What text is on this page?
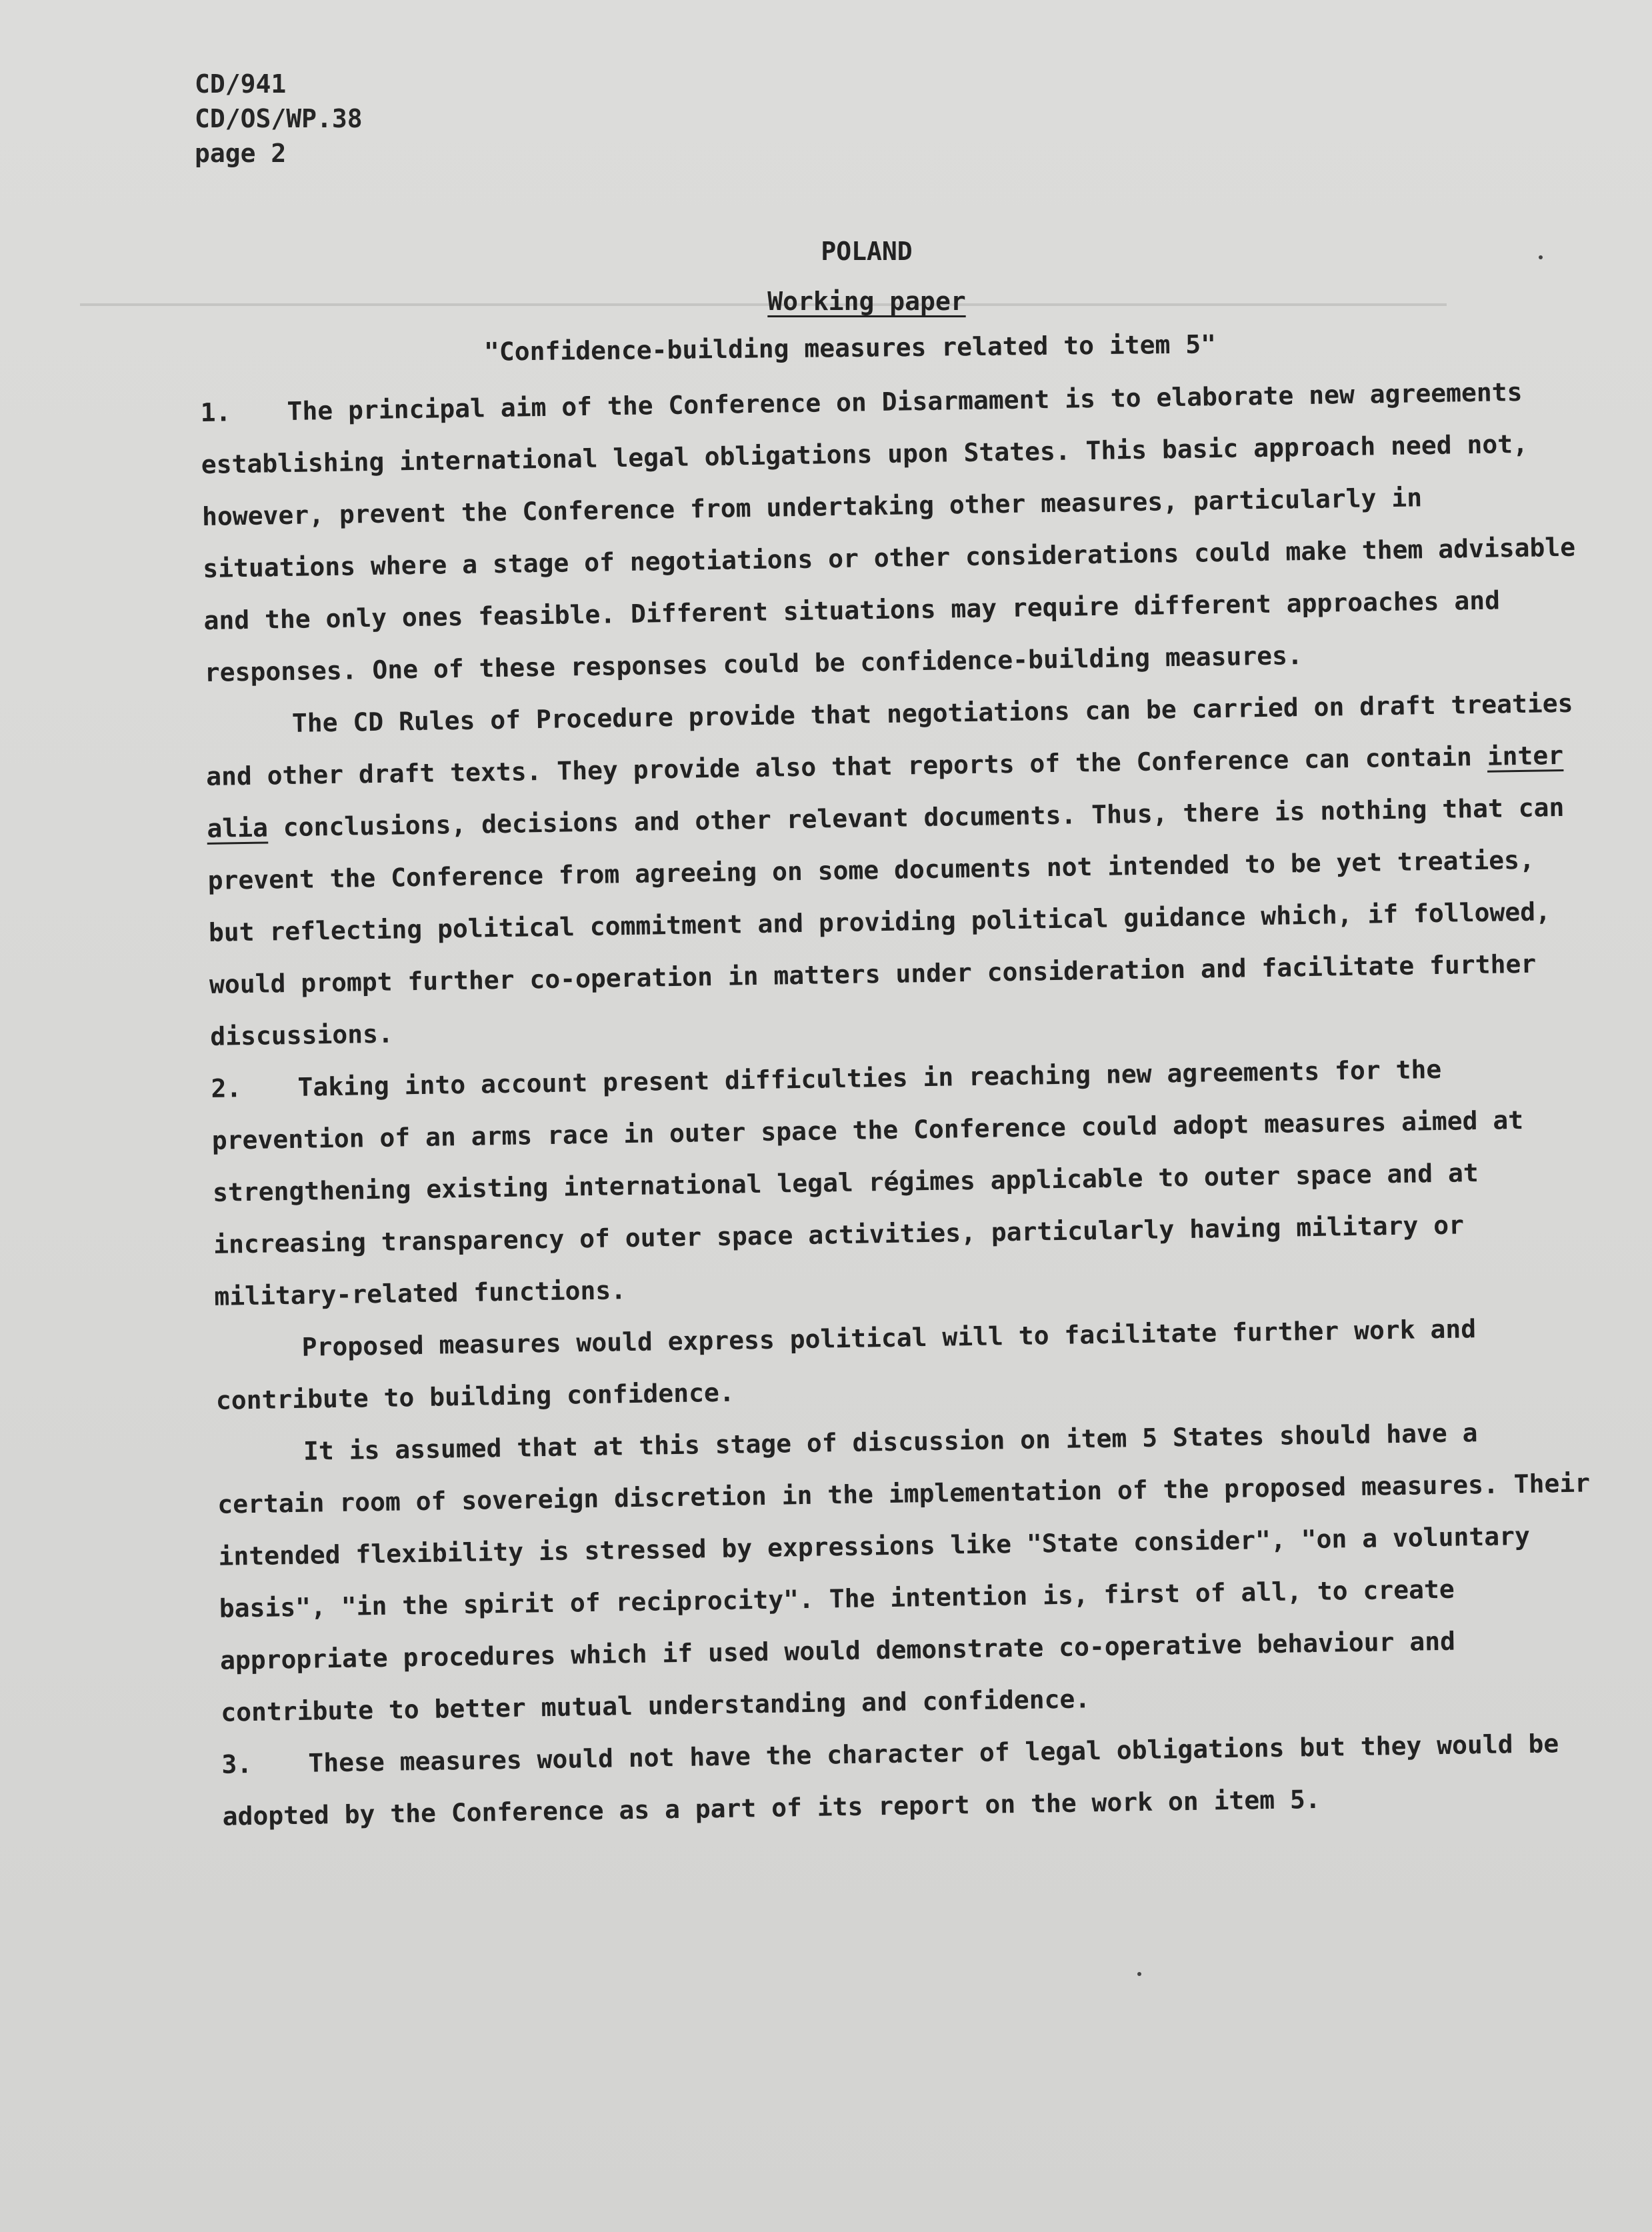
CD/941
CD/OS/WP.38
page 2
POLAND
Working paper
"Confidence-building measures related to item 5"

1. The principal aim of the Conference on Disarmament is to elaborate new agreements establishing international legal obligations upon States. This basic approach need not, however, prevent the Conference from undertaking other measures, particularly in situations where a stage of negotiations or other considerations could make them advisable and the only ones feasible. Different situations may require different approaches and responses. One of these responses could be confidence-building measures.

The CD Rules of Procedure provide that negotiations can be carried on draft treaties and other draft texts. They provide also that reports of the Conference can contain inter alia conclusions, decisions and other relevant documents. Thus, there is nothing that can prevent the Conference from agreeing on some documents not intended to be yet treaties, but reflecting political commitment and providing political guidance which, if followed, would prompt further co-operation in matters under consideration and facilitate further discussions.

2. Taking into account present difficulties in reaching new agreements for the prevention of an arms race in outer space the Conference could adopt measures aimed at strengthening existing international legal régimes applicable to outer space and at increasing transparency of outer space activities, particularly having military or military-related functions.

Proposed measures would express political will to facilitate further work and contribute to building confidence.

It is assumed that at this stage of discussion on item 5 States should have a certain room of sovereign discretion in the implementation of the proposed measures. Their intended flexibility is stressed by expressions like "State consider", "on a voluntary basis", "in the spirit of reciprocity". The intention is, first of all, to create appropriate procedures which if used would demonstrate co-operative behaviour and contribute to better mutual understanding and confidence.

3. These measures would not have the character of legal obligations but they would be adopted by the Conference as a part of its report on the work on item 5.
